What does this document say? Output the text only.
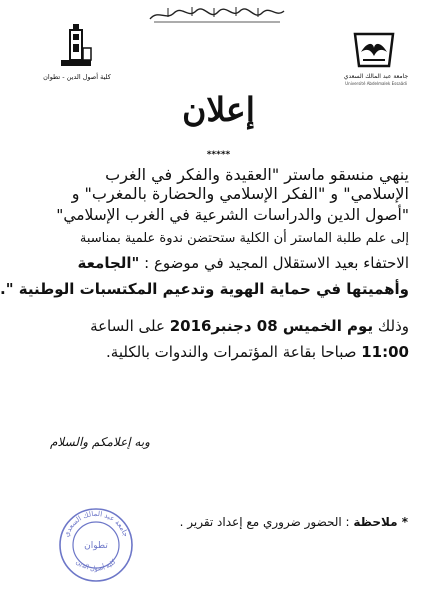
جامعة عبد المالك السعدي
Université Abdelmalek Essaâdi
كلية أصول الدين - تطوان
إعلان
*****
ينهي منسقو ماستر "العقيدة والفكر في الغرب
الإسلامي" و "الفكر الإسلامي والحضارة بالمغرب" و
"أصول الدين والدراسات الشرعية في الغرب الإسلامي"
إلى علم طلبة الماستر أن الكلية ستحتضن ندوة علمية بمناسبة
الاحتفاء بعيد الاستقلال المجيد في موضوع : "الجامعة
وأهميتها في حماية الهوية وتدعيم المكتسبات الوطنية ".
وذلك يوم الخميس 08 دجنبر2016 على الساعة
11:00 صباحا بقاعة المؤتمرات والندوات بالكلية.
وبه إعلامكم والسلام
* ملاحظة : الحضور ضروري مع إعداد تقرير .
جامعة عبد المالك السعدي
تطوان
كلية أصول الدين
